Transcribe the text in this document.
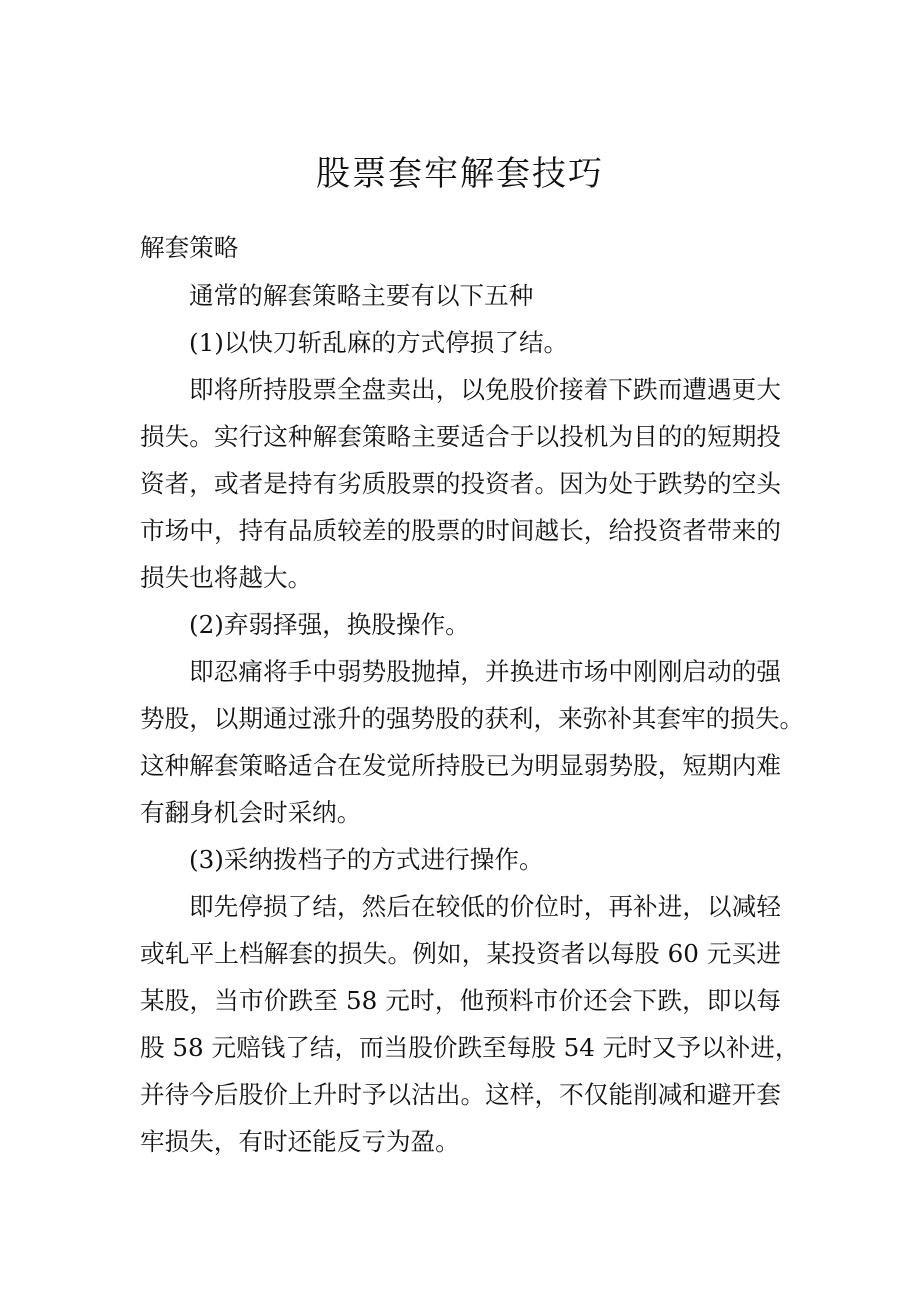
股票套牢解套技巧
解套策略
通常的解套策略主要有以下五种
(1)以快刀斩乱麻的方式停损了结。
即将所持股票全盘卖出，以免股价接着下跌而遭遇更大
损失。实行这种解套策略主要适合于以投机为目的的短期投
资者，或者是持有劣质股票的投资者。因为处于跌势的空头
市场中，持有品质较差的股票的时间越长，给投资者带来的
损失也将越大。
(2)弃弱择强，换股操作。
即忍痛将手中弱势股抛掉，并换进市场中刚刚启动的强
势股，以期通过涨升的强势股的获利，来弥补其套牢的损失。
这种解套策略适合在发觉所持股已为明显弱势股，短期内难
有翻身机会时采纳。
(3)采纳拨档子的方式进行操作。
即先停损了结，然后在较低的价位时，再补进，以减轻
或轧平上档解套的损失。例如，某投资者以每股 60 元买进
某股，当市价跌至 58 元时，他预料市价还会下跌，即以每
股 58 元赔钱了结，而当股价跌至每股 54 元时又予以补进，
并待今后股价上升时予以沽出。这样，不仅能削减和避开套
牢损失，有时还能反亏为盈。
